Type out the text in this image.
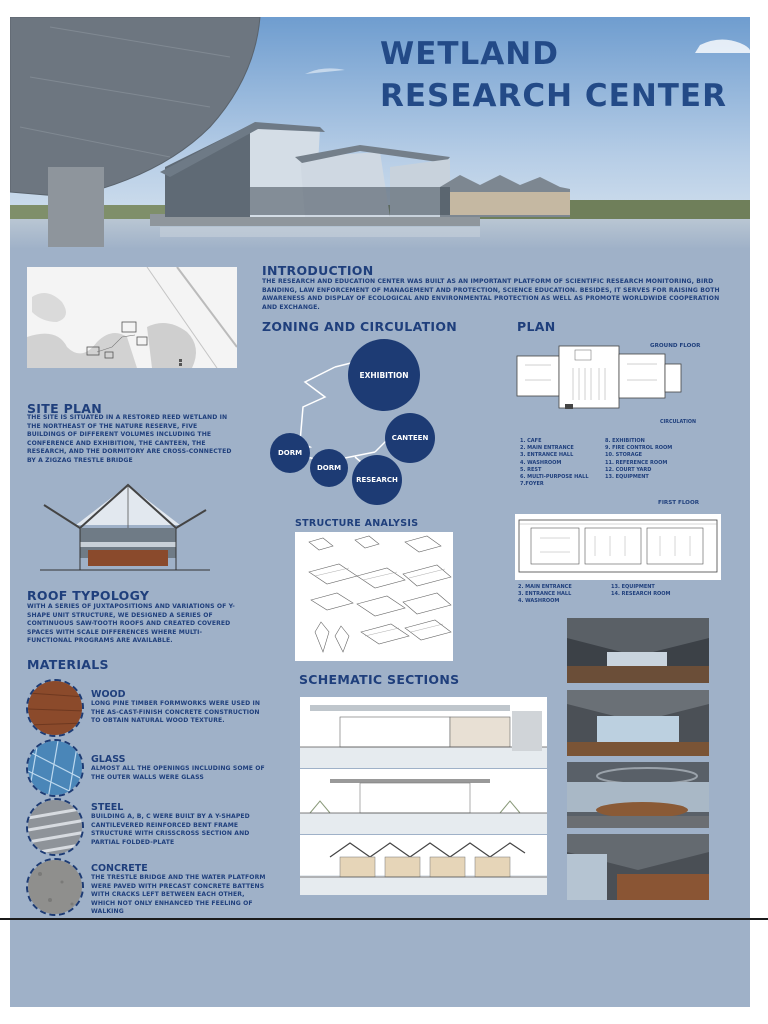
WETLAND
RESEARCH CENTER
SITE PLAN
THE SITE IS SITUATED IN A RESTORED REED WETLAND IN THE NORTHEAST OF THE NATURE RESERVE, FIVE BUILDINGS OF DIFFERENT VOLUMES INCLUDING THE CONFERENCE AND EXHIBITION, THE CANTEEN, THE RESEARCH, AND THE DORMITORY ARE CROSS-CONNECTED BY A ZIGZAG TRESTLE BRIDGE
INTRODUCTION
THE RESEARCH AND EDUCATION CENTER WAS BUILT AS AN IMPORTANT PLATFORM OF SCIENTIFIC RESEARCH MONITORING, BIRD BANDING, LAW ENFORCEMENT OF MANAGEMENT AND PROTECTION, SCIENCE EDUCATION. BESIDES, IT SERVES FOR RAISING BOTH AWARENESS AND DISPLAY OF ECOLOGICAL AND ENVIRONMENTAL PROTECTION AS WELL AS PROMOTE WORLDWIDE COOPERATION AND EXCHANGE.
ZONING AND CIRCULATION
EXHIBITION
CANTEEN
RESEARCH
DORM
DORM
PLAN
GROUND FLOOR
CIRCULATION
1. CAFE
2. MAIN ENTRANCE
3. ENTRANCE HALL
4. WASHROOM
5. REST
6. MULTI-PURPOSE HALL
7.FOYER
8. EXHIBITION
9. FIRE CONTROL ROOM
10. STORAGE
11. REFERENCE ROOM
12. COURT YARD
13. EQUIPMENT
FIRST FLOOR
2. MAIN ENTRANCE
3. ENTRANCE HALL
4. WASHROOM
13. EQUIPMENT
14. RESEARCH ROOM
ROOF TYPOLOGY
WITH A SERIES OF JUXTAPOSITIONS AND VARIATIONS OF Y-SHAPE UNIT STRUCTURE, WE DESIGNED A SERIES OF CONTINUOUS SAW-TOOTH ROOFS AND CREATED COVERED SPACES WITH SCALE DIFFERENCES WHERE MULTI-FUNCTIONAL PROGRAMS ARE AVAILABLE.
STRUCTURE ANALYSIS
SCHEMATIC SECTIONS
MATERIALS
WOOD
LONG PINE TIMBER FORMWORKS WERE USED IN THE AS-CAST-FINISH CONCRETE CONSTRUCTION TO OBTAIN NATURAL WOOD TEXTURE.
GLASS
ALMOST ALL THE OPENINGS INCLUDING SOME OF THE OUTER WALLS WERE GLASS
STEEL
BUILDING A, B, C WERE BUILT BY A Y-SHAPED CANTILEVERED REINFORCED BENT FRAME STRUCTURE WITH CRISSCROSS SECTION AND PARTIAL FOLDED-PLATE
CONCRETE
THE TRESTLE BRIDGE AND THE WATER PLATFORM WERE PAVED WITH PRECAST CONCRETE BATTENS WITH CRACKS LEFT BETWEEN EACH OTHER, WHICH NOT ONLY ENHANCED THE FEELING OF WALKING
